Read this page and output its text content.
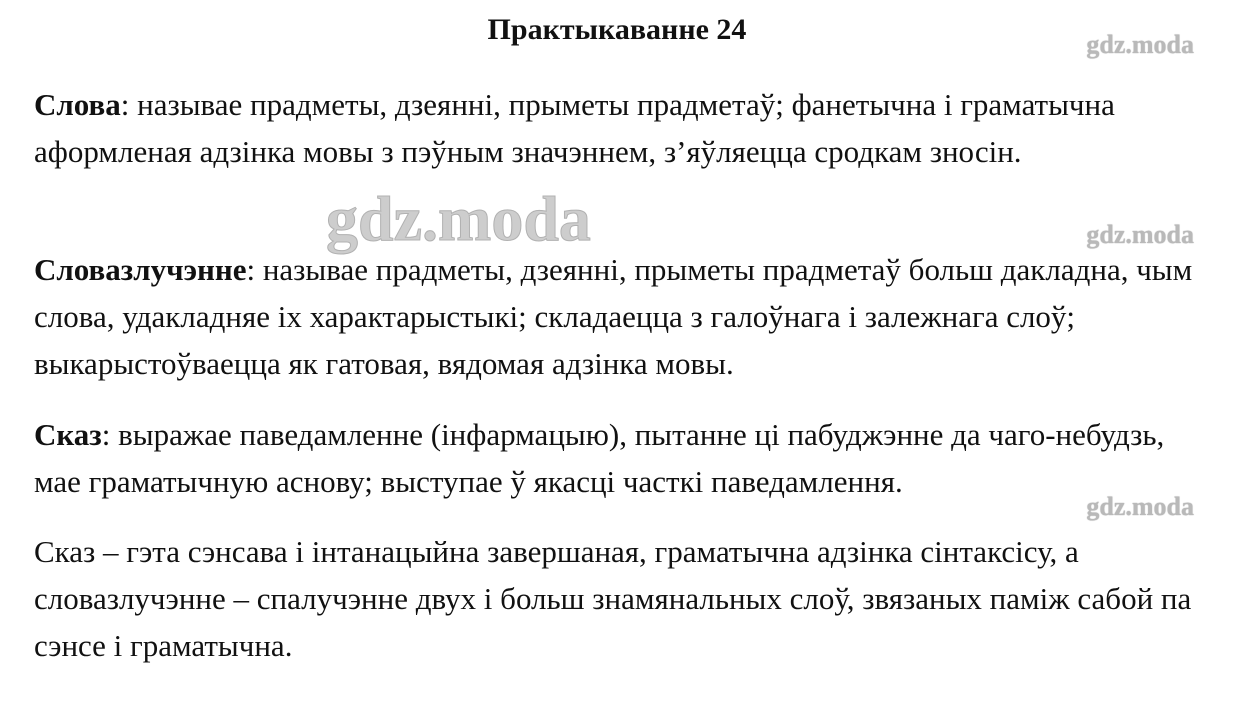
Практыкаванне 24	gdz.moda
gdz.moda
gdz.moda

Слова: называе прадметы, дзеянні, прыметы прадметаў; фанетычна і граматычна аформленая адзінка мовы з пэўным значэннем, з’яўляецца сродкам зносін.

Словазлучэнне: называе прадметы, дзеянні, прыметы прадметаў больш дакладна, чым слова, удакладняе іх характарыстыкі; складаецца з галоўнага і залежнага слоў; выкарыстоўваецца як гатовая, вядомая адзінка мовы.

Сказ: выражае паведамленне (інфармацыю), пытанне ці пабуджэнне да чаго-небудзь, мае граматычную аснову; выступае ў якасці часткі паведамлення.

Сказ – гэта сэнсава і інтанацыйна завершаная, граматычна адзінка сінтаксісу, а словазлучэнне – спалучэнне двух і больш знамянальных слоў, звязаных паміж сабой па сэнсе і граматычна.

gdz.moda
